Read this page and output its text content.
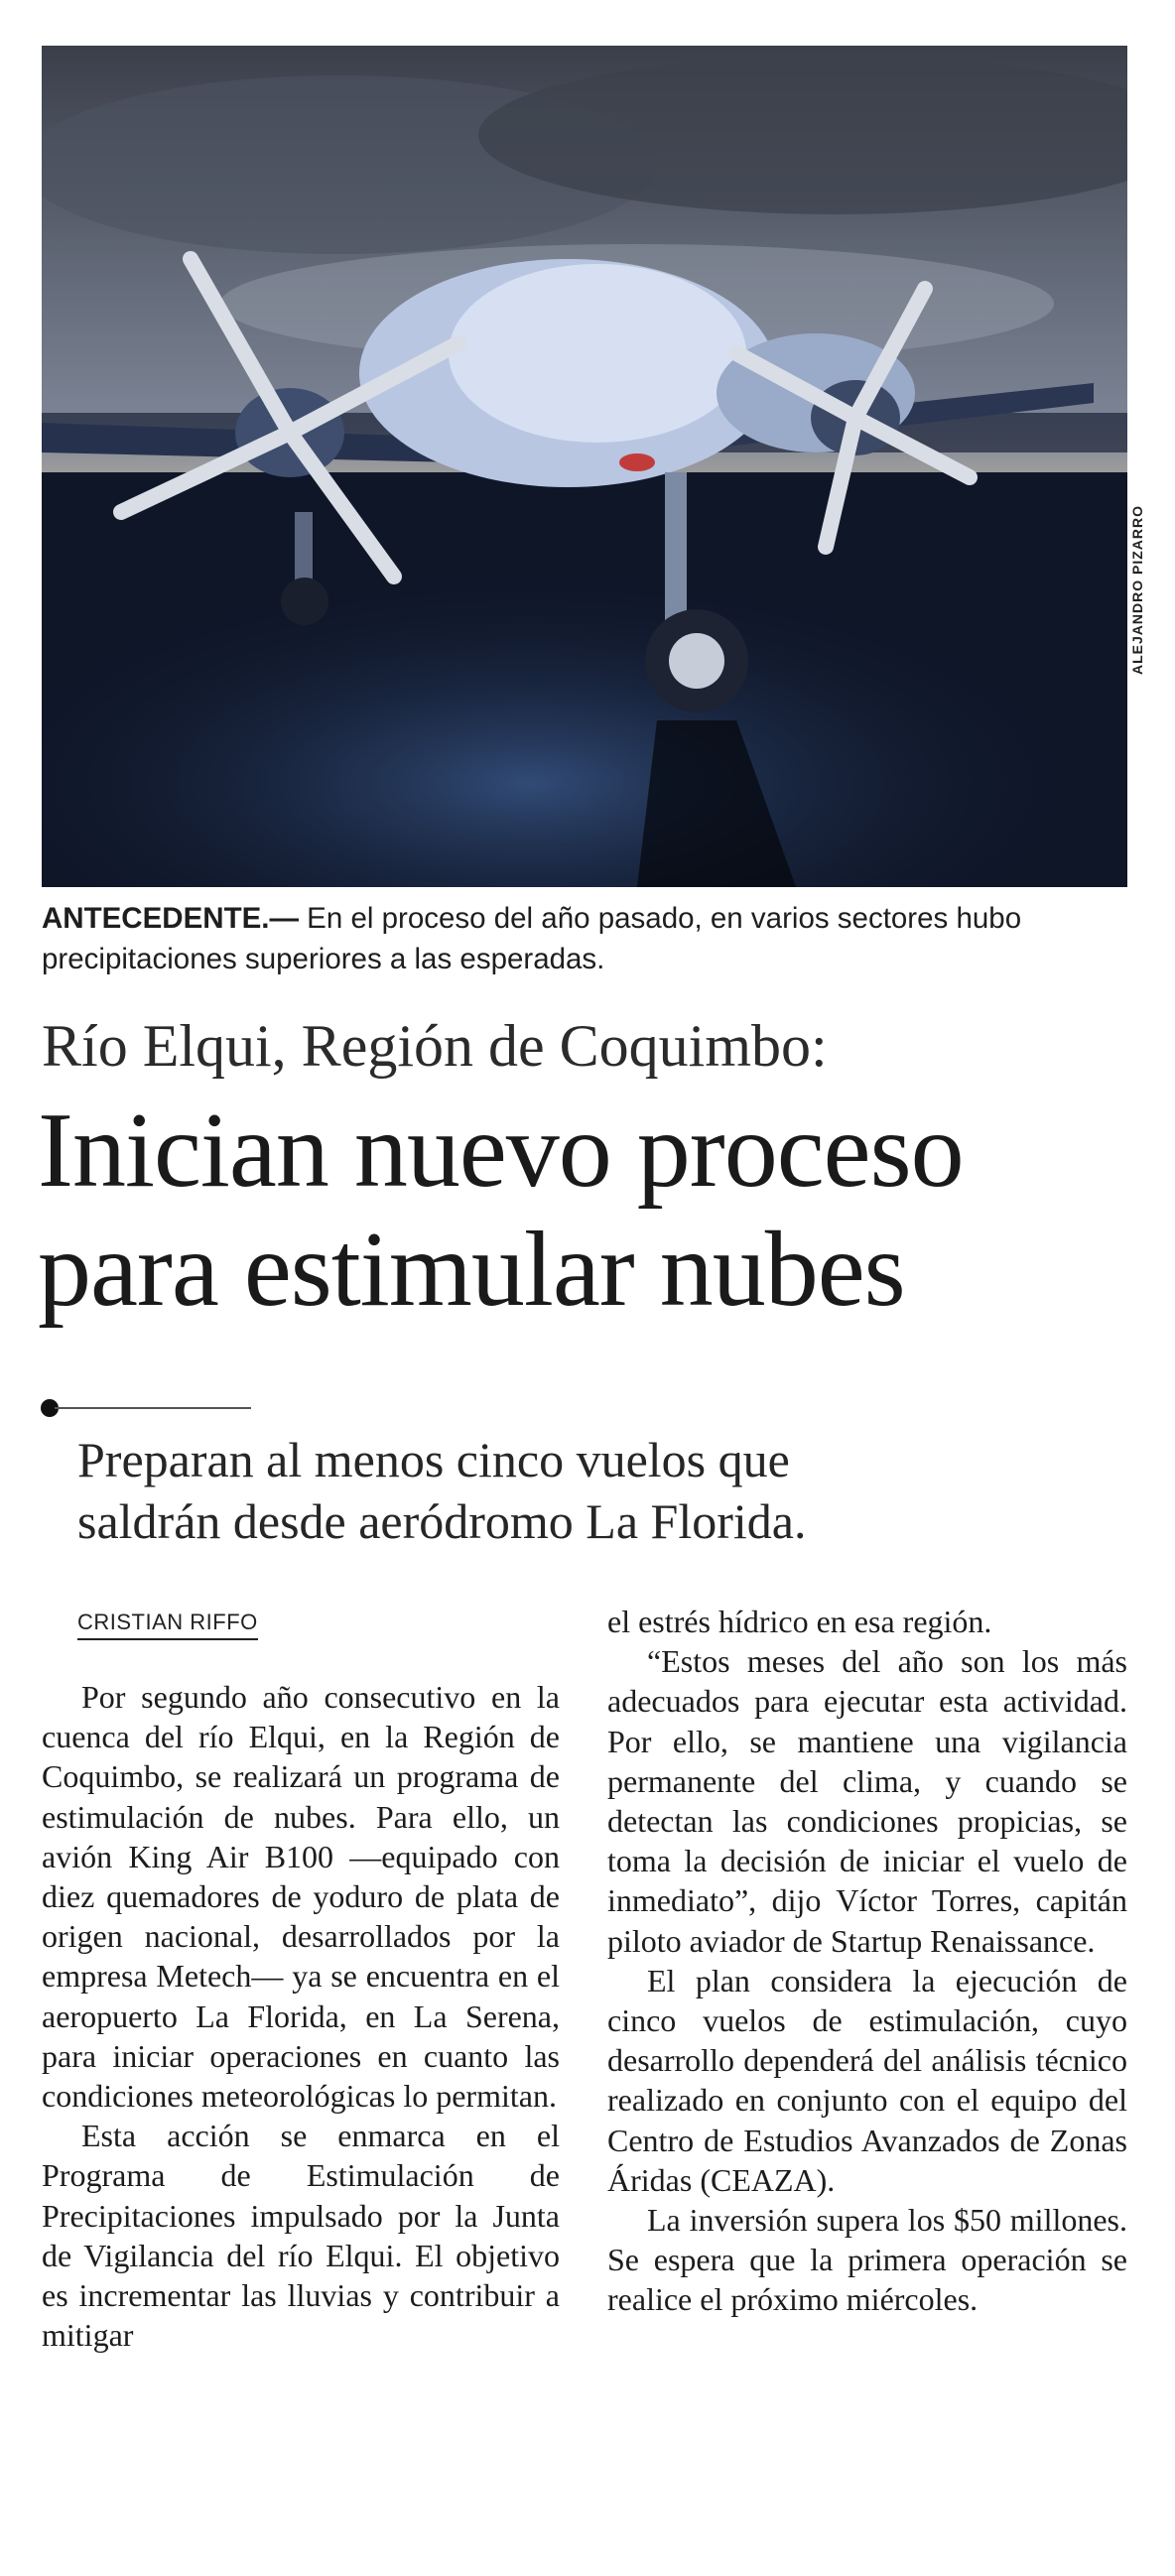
ALEJANDRO PIZARRO
ANTECEDENTE.— En el proceso del año pasado, en varios sectores hubo precipitaciones superiores a las esperadas.
Río Elqui, Región de Coquimbo:
Inician nuevo proceso
para estimular nubes
Preparan al menos cinco vuelos que
saldrán desde aeródromo La Florida.
CRISTIAN RIFFO

Por segundo año consecutivo en la cuenca del río Elqui, en la Región de Coquimbo, se realizará un programa de estimulación de nubes. Para ello, un avión King Air B100 —equipado con diez quemadores de yoduro de plata de origen nacional, desarrollados por la empresa Metech— ya se encuentra en el aeropuerto La Florida, en La Serena, para iniciar operaciones en cuanto las condiciones meteorológicas lo permitan.

Esta acción se enmarca en el Programa de Estimulación de Precipitaciones impulsado por la Junta de Vigilancia del río Elqui. El objetivo es incrementar las lluvias y contribuir a mitigar

el estrés hídrico en esa región.

“Estos meses del año son los más adecuados para ejecutar esta actividad. Por ello, se mantiene una vigilancia permanente del clima, y cuando se detectan las condiciones propicias, se toma la decisión de iniciar el vuelo de inmediato”, dijo Víctor Torres, capitán piloto aviador de Startup Renaissance.

El plan considera la ejecución de cinco vuelos de estimulación, cuyo desarrollo dependerá del análisis técnico realizado en conjunto con el equipo del Centro de Estudios Avanzados de Zonas Áridas (CEAZA).

La inversión supera los $50 millones. Se espera que la primera operación se realice el próximo miércoles.
